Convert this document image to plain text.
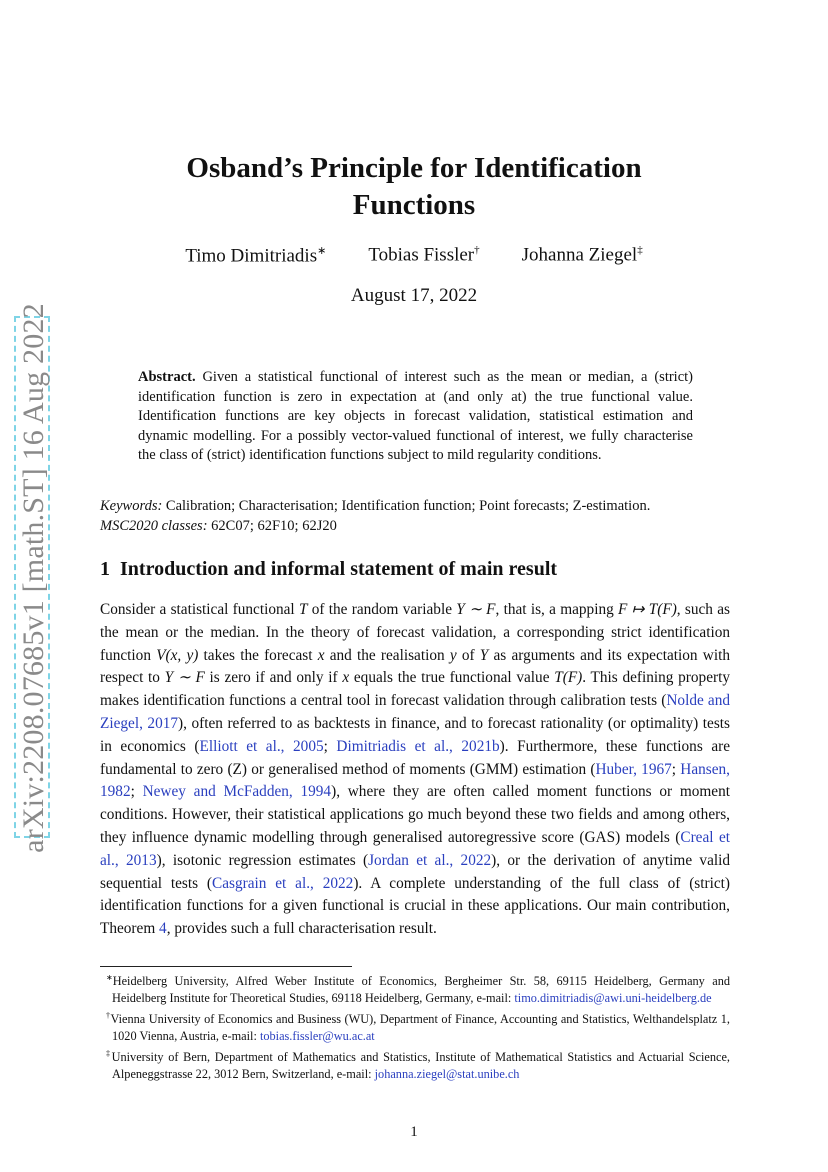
arXiv:2208.07685v1 [math.ST] 16 Aug 2022
Osband’s Principle for Identification
Functions
Timo Dimitriadis∗ Tobias Fissler† Johanna Ziegel‡
August 17, 2022
Abstract. Given a statistical functional of interest such as the mean or median, a (strict) identification function is zero in expectation at (and only at) the true functional value. Identification functions are key objects in forecast validation, statistical estimation and dynamic modelling. For a possibly vector-valued functional of interest, we fully characterise the class of (strict) identification functions subject to mild regularity conditions.
Keywords: Calibration; Characterisation; Identification function; Point forecasts; Z-estimation.
MSC2020 classes: 62C07; 62F10; 62J20
1 Introduction and informal statement of main result
Consider a statistical functional T of the random variable Y ∼ F, that is, a mapping F ↦ T(F), such as the mean or the median. In the theory of forecast validation, a corresponding strict identification function V(x, y) takes the forecast x and the realisation y of Y as arguments and its expectation with respect to Y ∼ F is zero if and only if x equals the true functional value T(F). This defining property makes identification functions a central tool in forecast validation through calibration tests (Nolde and Ziegel, 2017), often referred to as backtests in finance, and to forecast rationality (or optimality) tests in economics (Elliott et al., 2005; Dimitriadis et al., 2021b). Furthermore, these functions are fundamental to zero (Z) or generalised method of moments (GMM) estimation (Huber, 1967; Hansen, 1982; Newey and McFadden, 1994), where they are often called moment functions or moment conditions. However, their statistical applications go much beyond these two fields and among others, they influence dynamic modelling through generalised autoregressive score (GAS) models (Creal et al., 2013), isotonic regression estimates (Jordan et al., 2022), or the derivation of anytime valid sequential tests (Casgrain et al., 2022). A complete understanding of the full class of (strict) identification functions for a given functional is crucial in these applications. Our main contribution, Theorem 4, provides such a full characterisation result.
∗Heidelberg University, Alfred Weber Institute of Economics, Bergheimer Str. 58, 69115 Heidelberg, Germany and Heidelberg Institute for Theoretical Studies, 69118 Heidelberg, Germany, e-mail: timo.dimitriadis@awi.uni-heidelberg.de
†Vienna University of Economics and Business (WU), Department of Finance, Accounting and Statistics, Welthandelsplatz 1, 1020 Vienna, Austria, e-mail: tobias.fissler@wu.ac.at
‡University of Bern, Department of Mathematics and Statistics, Institute of Mathematical Statistics and Actuarial Science, Alpeneggstrasse 22, 3012 Bern, Switzerland, e-mail: johanna.ziegel@stat.unibe.ch
1
